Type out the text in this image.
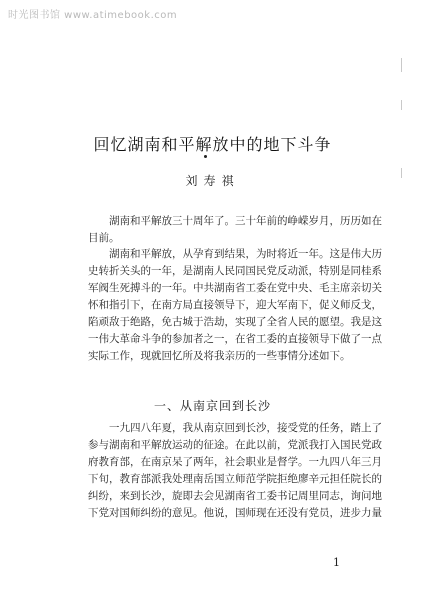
时光图书馆 www.atimebook.com
回忆湖南和平解放中的地下斗争
刘寿祺

湖南和平解放三十周年了。三十年前的峥嵘岁月，历历如在目前。

湖南和平解放，从孕育到结果，为时将近一年。这是伟大历史转折关头的一年，是湖南人民同国民党反动派，特别是同桂系军阀生死搏斗的一年。中共湖南省工委在党中央、毛主席亲切关怀和指引下，在南方局直接领导下，迎大军南下，促义师反戈，陷顽敌于绝路，免古城于浩劫，实现了全省人民的愿望。我是这一伟大革命斗争的参加者之一，在省工委的直接领导下做了一点实际工作，现就回忆所及将我亲历的一些事情分述如下。

一、从南京回到长沙

一九四八年夏，我从南京回到长沙，接受党的任务，踏上了参与湖南和平解放运动的征途。在此以前，党派我打入国民党政府教育部，在南京呆了两年，社会职业是督学。一九四八年三月下旬，教育部派我处理南岳国立师范学院拒绝廖辛元担任院长的纠纷，来到长沙，旋即去会见湖南省工委书记周里同志，询问地下党对国师纠纷的意见。他说，国师现在还没有党员，进步力量

1
